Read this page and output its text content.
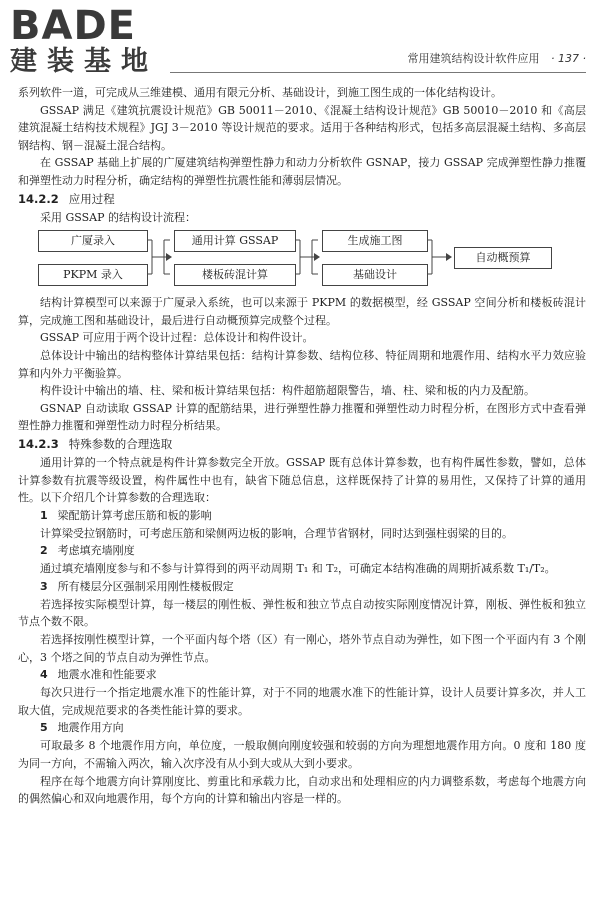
BADE
建装基地	常用建筑结构设计软件应用 · 137 ·

系列软件一道，可完成从三维建模、通用有限元分析、基础设计，到施工图生成的一体化结构设计。

GSSAP 满足《建筑抗震设计规范》GB 50011－2010、《混凝土结构设计规范》GB 50010－2010 和《高层建筑混凝土结构技术规程》JGJ 3－2010 等设计规范的要求。适用于各种结构形式，包括多高层混凝土结构、多高层钢结构、钢－混凝土混合结构。

在 GSSAP 基础上扩展的广厦建筑结构弹塑性静力和动力分析软件 GSNAP，接力 GSSAP 完成弹塑性静力推覆和弹塑性动力时程分析，确定结构的弹塑性抗震性能和薄弱层情况。

14.2.2 应用过程

采用 GSSAP 的结构设计流程：

广厦录入
PKPM 录入
通用计算 GSSAP
楼板砖混计算
生成施工图
基础设计
自动概预算

结构计算模型可以来源于广厦录入系统，也可以来源于 PKPM 的数据模型，经 GSSAP 空间分析和楼板砖混计算，完成施工图和基础设计，最后进行自动概预算完成整个过程。

GSSAP 可应用于两个设计过程：总体设计和构件设计。

总体设计中输出的结构整体计算结果包括：结构计算参数、结构位移、特征周期和地震作用、结构水平力效应验算和内外力平衡验算。

构件设计中输出的墙、柱、梁和板计算结果包括：构件超筋超限警告，墙、柱、梁和板的内力及配筋。

GSNAP 自动读取 GSSAP 计算的配筋结果，进行弹塑性静力推覆和弹塑性动力时程分析，在图形方式中查看弹塑性静力推覆和弹塑性动力时程分析结果。

14.2.3 特殊参数的合理选取

通用计算的一个特点就是构件计算参数完全开放。GSSAP 既有总体计算参数，也有构件属性参数，譬如，总体计算参数有抗震等级设置，构件属性中也有，缺省下随总信息，这样既保持了计算的易用性，又保持了计算的通用性。以下介绍几个计算参数的合理选取：

1 梁配筋计算考虑压筋和板的影响

计算梁受拉钢筋时，可考虑压筋和梁侧两边板的影响，合理节省钢材，同时达到强柱弱梁的目的。

2 考虑填充墙刚度

通过填充墙刚度参与和不参与计算得到的两平动周期 T₁ 和 T₂，可确定本结构准确的周期折减系数 T₁/T₂。

3 所有楼层分区强制采用刚性楼板假定

若选择按实际模型计算，每一楼层的刚性板、弹性板和独立节点自动按实际刚度情况计算，刚板、弹性板和独立节点个数不限。

若选择按刚性模型计算，一个平面内每个塔（区）有一刚心，塔外节点自动为弹性，如下图一个平面内有 3 个刚心，3 个塔之间的节点自动为弹性节点。

4 地震水准和性能要求

每次只进行一个指定地震水准下的性能计算，对于不同的地震水准下的性能计算，设计人员要计算多次，并人工取大值，完成规范要求的各类性能计算的要求。

5 地震作用方向

可取最多 8 个地震作用方向，单位度，一般取侧向刚度较强和较弱的方向为理想地震作用方向。0 度和 180 度为同一方向，不需输入两次，输入次序没有从小到大或从大到小要求。

程序在每个地震方向计算刚度比、剪重比和承载力比，自动求出和处理相应的内力调整系数，考虑每个地震方向的偶然偏心和双向地震作用，每个方向的计算和输出内容是一样的。
